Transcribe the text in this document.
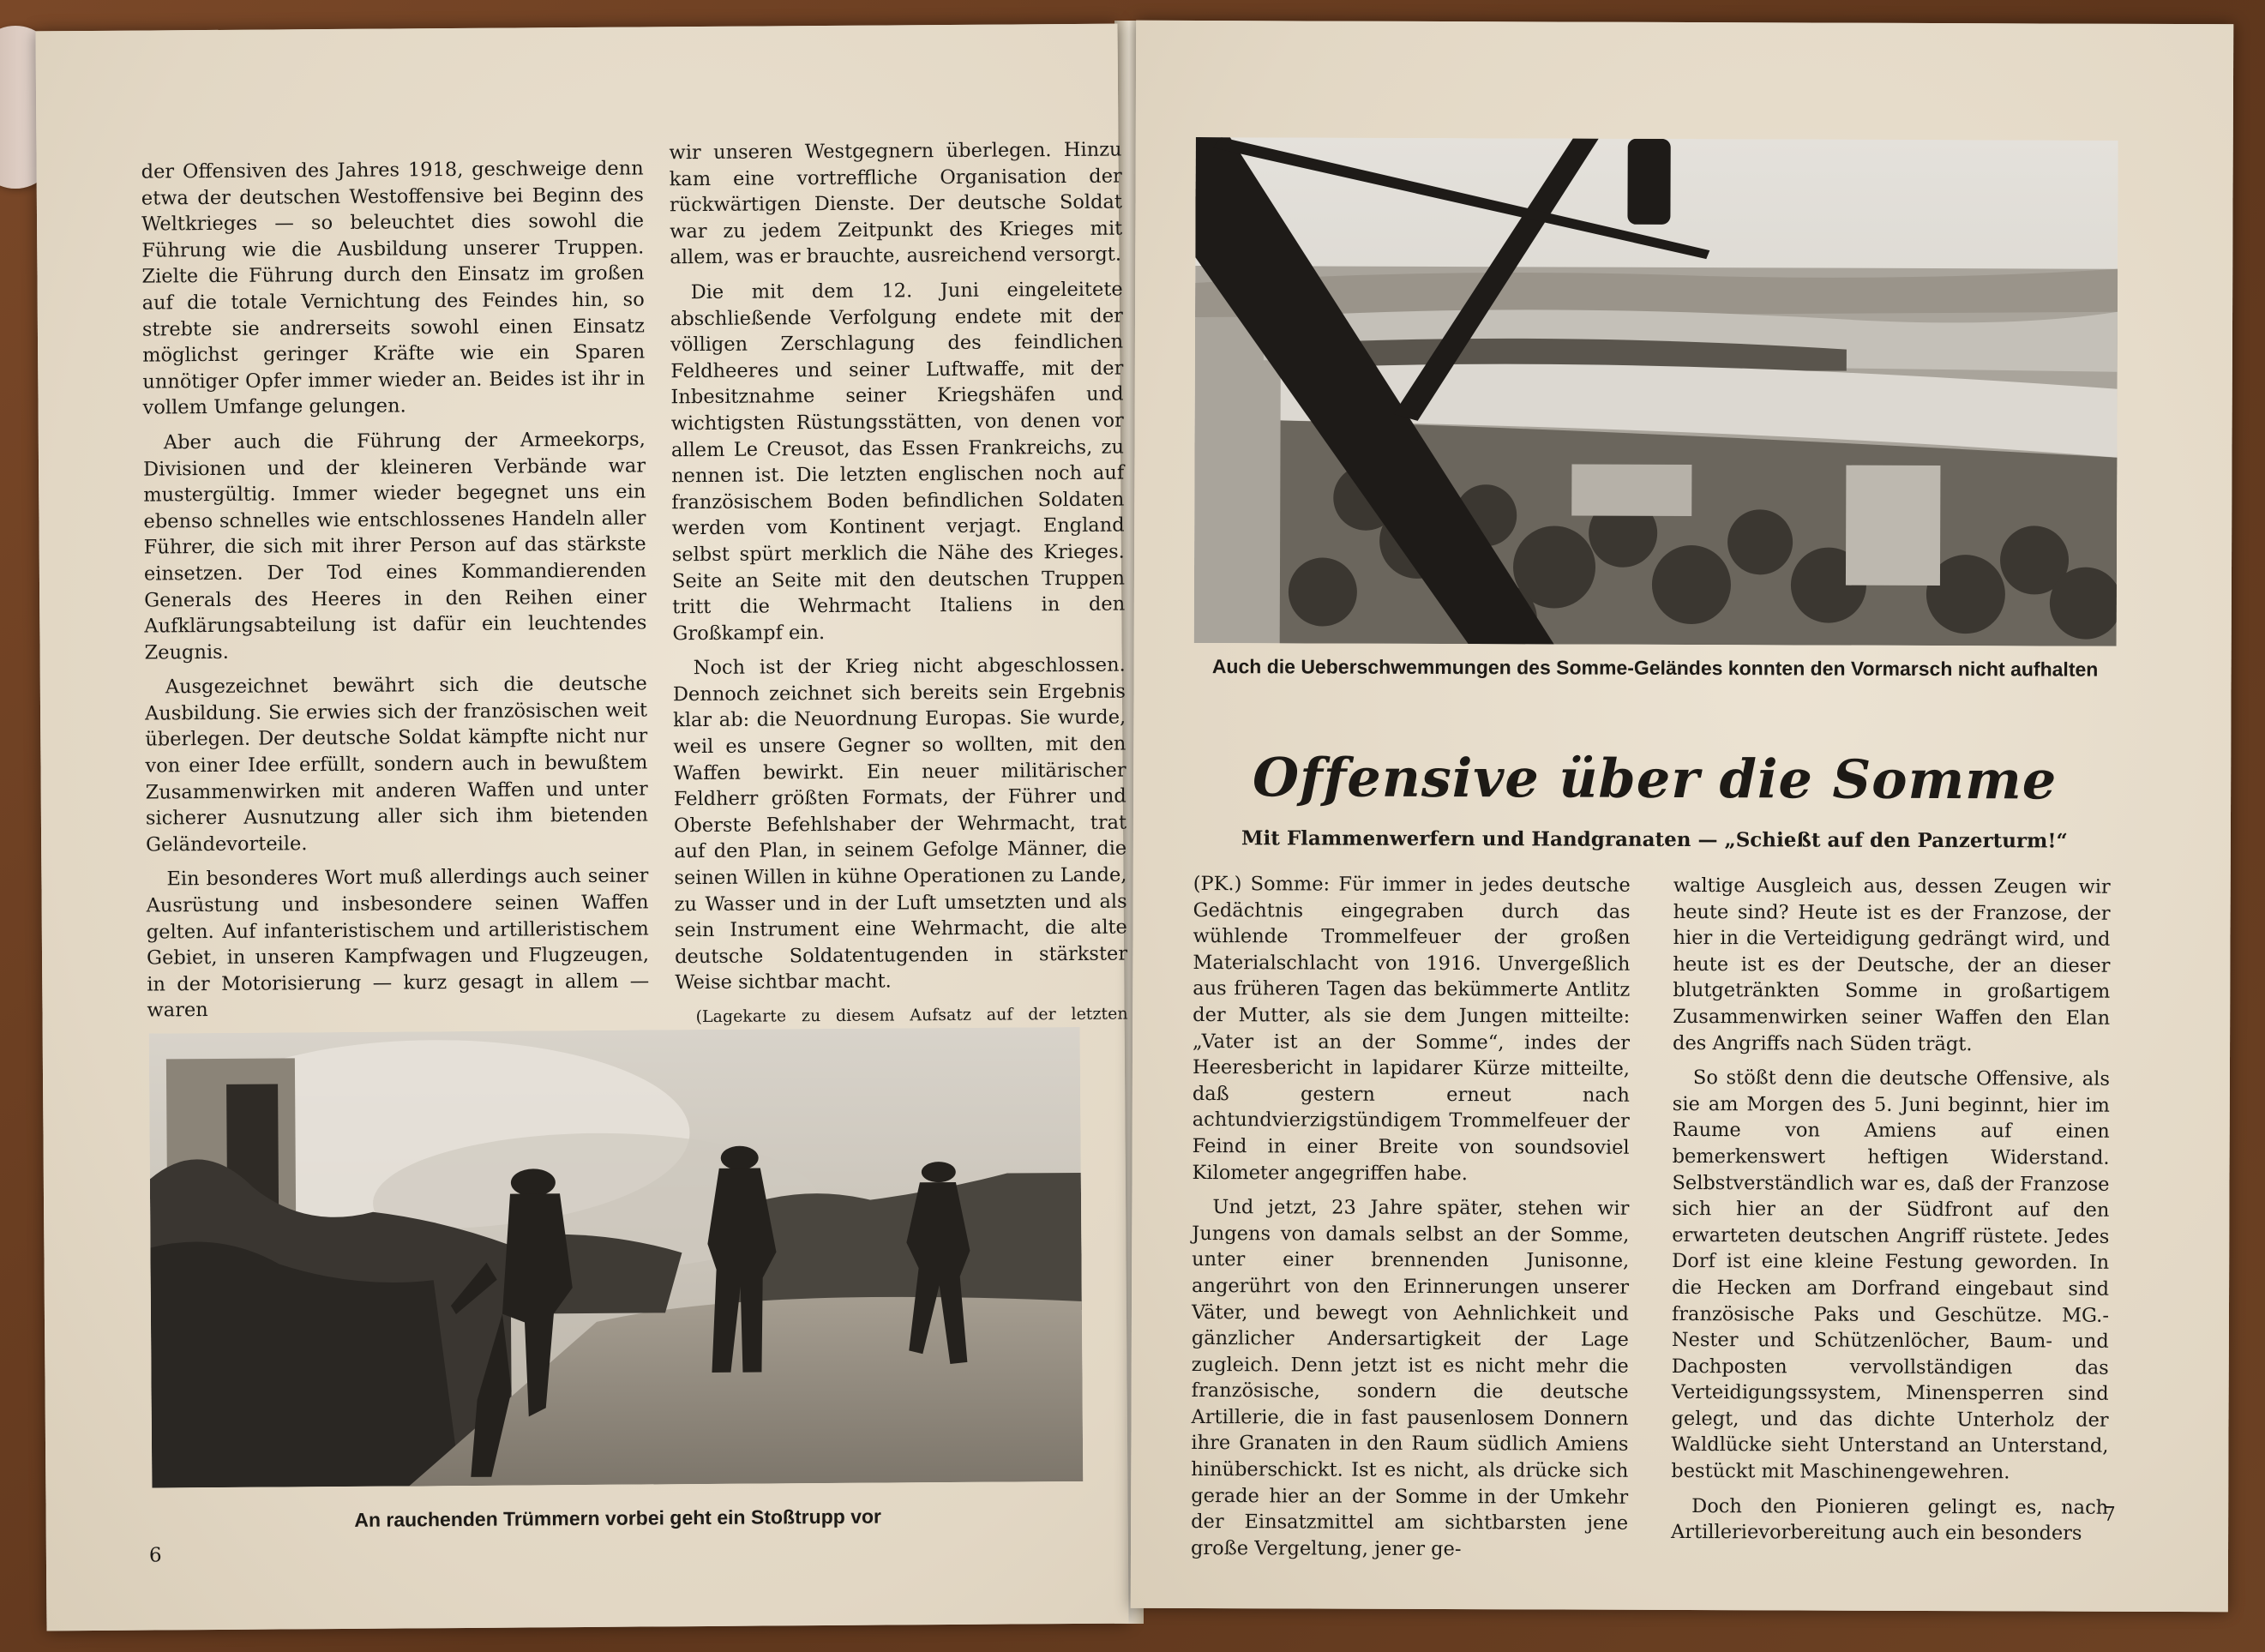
der Offensiven des Jahres 1918, geschweige denn etwa der deutschen Westoffensive bei Beginn des Weltkrieges — so beleuchtet dies sowohl die Führung wie die Ausbildung unserer Truppen. Zielte die Führung durch den Einsatz im großen auf die totale Vernichtung des Feindes hin, so strebte sie andrerseits sowohl einen Einsatz möglichst geringer Kräfte wie ein Sparen unnötiger Opfer immer wieder an. Beides ist ihr in vollem Umfange gelungen.

Aber auch die Führung der Armeekorps, Divisionen und der kleineren Verbände war mustergültig. Immer wieder begegnet uns ein ebenso schnelles wie entschlossenes Handeln aller Führer, die sich mit ihrer Person auf das stärkste einsetzen. Der Tod eines Kommandierenden Generals des Heeres in den Reihen einer Aufklärungsabteilung ist dafür ein leuchtendes Zeugnis.

Ausgezeichnet bewährt sich die deutsche Ausbildung. Sie erwies sich der französischen weit überlegen. Der deutsche Soldat kämpfte nicht nur von einer Idee erfüllt, sondern auch in bewußtem Zusammenwirken mit anderen Waffen und unter sicherer Ausnutzung aller sich ihm bietenden Geländevorteile.

Ein besonderes Wort muß allerdings auch seiner Ausrüstung und insbesondere seinen Waffen gelten. Auf infanteristischem und artilleristischem Gebiet, in unseren Kampfwagen und Flugzeugen, in der Motorisierung — kurz gesagt in allem — waren

wir unseren Westgegnern überlegen. Hinzu kam eine vortreffliche Organisation der rückwärtigen Dienste. Der deutsche Soldat war zu jedem Zeitpunkt des Krieges mit allem, was er brauchte, ausreichend versorgt.

Die mit dem 12. Juni eingeleitete abschließende Verfolgung endete mit der völligen Zerschlagung des feindlichen Feldheeres und seiner Luftwaffe, mit der Inbesitznahme seiner Kriegshäfen und wichtigsten Rüstungsstätten, von denen vor allem Le Creusot, das Essen Frankreichs, zu nennen ist. Die letzten englischen noch auf französischem Boden befindlichen Soldaten werden vom Kontinent verjagt. England selbst spürt merklich die Nähe des Krieges. Seite an Seite mit den deutschen Truppen tritt die Wehrmacht Italiens in den Großkampf ein.

Noch ist der Krieg nicht abgeschlossen. Dennoch zeichnet sich bereits sein Ergebnis klar ab: die Neuordnung Europas. Sie wurde, weil es unsere Gegner so wollten, mit den Waffen bewirkt. Ein neuer militärischer Feldherr größten Formats, der Führer und Oberste Befehlshaber der Wehrmacht, trat auf den Plan, in seinem Gefolge Männer, die seinen Willen in kühne Operationen zu Lande, zu Wasser und in der Luft umsetzten und als sein Instrument eine Wehrmacht, die alte deutsche Soldatentugenden in stärkster Weise sichtbar macht.

(Lagekarte zu diesem Aufsatz auf der letzten

An rauchenden Trümmern vorbei geht ein Stoßtrupp vor
6
Auch die Ueberschwemmungen des Somme-Geländes konnten den Vormarsch nicht aufhalten
Offensive über die Somme
Mit Flammenwerfern und Handgranaten — „Schießt auf den Panzerturm!“

(PK.) Somme: Für immer in jedes deutsche Gedächtnis eingegraben durch das wühlende Trommelfeuer der großen Materialschlacht von 1916. Unvergeßlich aus früheren Tagen das bekümmerte Antlitz der Mutter, als sie dem Jungen mitteilte: „Vater ist an der Somme“, indes der Heeresbericht in lapidarer Kürze mitteilte, daß gestern erneut nach achtundvierzigstündigem Trommelfeuer der Feind in einer Breite von soundsoviel Kilometer angegriffen habe.

Und jetzt, 23 Jahre später, stehen wir Jungens von damals selbst an der Somme, unter einer brennenden Junisonne, angerührt von den Erinnerungen unserer Väter, und bewegt von Aehnlichkeit und gänzlicher Andersartigkeit der Lage zugleich. Denn jetzt ist es nicht mehr die französische, sondern die deutsche Artillerie, die in fast pausenlosem Donnern ihre Granaten in den Raum südlich Amiens hinüberschickt. Ist es nicht, als drücke sich gerade hier an der Somme in der Umkehr der Einsatzmittel am sichtbarsten jene große Vergeltung, jener ge-

waltige Ausgleich aus, dessen Zeugen wir heute sind? Heute ist es der Franzose, der hier in die Verteidigung gedrängt wird, und heute ist es der Deutsche, der an dieser blutgetränkten Somme in großartigem Zusammenwirken seiner Waffen den Elan des Angriffs nach Süden trägt.

So stößt denn die deutsche Offensive, als sie am Morgen des 5. Juni beginnt, hier im Raume von Amiens auf einen bemerkenswert heftigen Widerstand. Selbstverständlich war es, daß der Franzose sich hier an der Südfront auf den erwarteten deutschen Angriff rüstete. Jedes Dorf ist eine kleine Festung geworden. In die Hecken am Dorfrand eingebaut sind französische Paks und Geschütze. MG.-Nester und Schützenlöcher, Baum- und Dachposten vervollständigen das Verteidigungssystem, Minensperren sind gelegt, und das dichte Unterholz der Waldlücke sieht Unterstand an Unterstand, bestückt mit Maschinengewehren.

Doch den Pionieren gelingt es, nach Artillerievorbereitung auch ein besonders

7
